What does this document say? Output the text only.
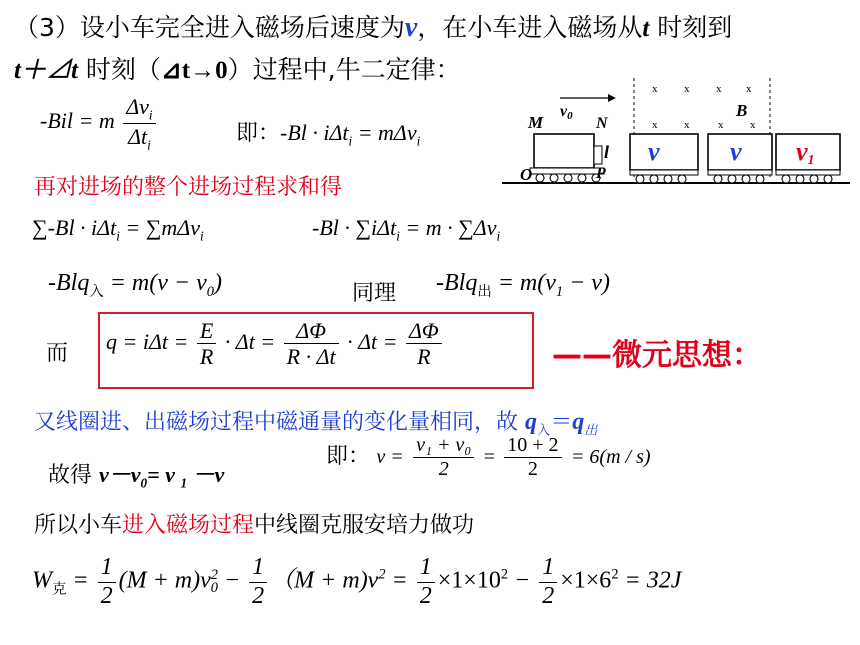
（3）设小车完全进入磁场后速度为v，在小车进入磁场从t 时刻到
t＋⊿t 时刻（⊿t→0）过程中,牛二定律：
-Bil = m $\frac{\Delta v_i}{\Delta t_i}$	即：-Bl · iΔt$_i$ = mΔv$_i$
x x x x
x x	x x
B
v0
M	N
l
P
O
v	v v1
再对进场的整个进场过程求和得
∑-Bl · iΔt$_i$ = ∑mΔv$_i$	$-Bl \cdot \sum i\Delta t_i = m \cdot \sum\Delta v_i$
$-Blq_入 = m(v - v_0)$	同理 $-Blq_出 = m(v_1 - v)$
而 $q = i\Delta t = \frac{E}{R} \cdot \Delta t = \frac{\Delta\Phi}{R \cdot \Delta t} \cdot \Delta t = \frac{\Delta\Phi}{R}$	——微元思想：
又线圈进、出磁场过程中磁通量的变化量相同，故 $q_入=q_出$
故得 $v-v_0= v$ $_1$ －v
即： $v = \frac{\text{v₁ + v₀}}{2} = \frac{10 + 2}{2} = 6(m / s)$
所以小车进入磁场过程中线圈克服安培力做功
$W_克 = \frac{1}{2} (M + m)v$ 2
$0 - \frac{1}{2} (M + m)v^2 = \frac{1}{2} \times 1\times 10^2 - \frac{1}{2} \times 1\times 6^2 = 32J$
